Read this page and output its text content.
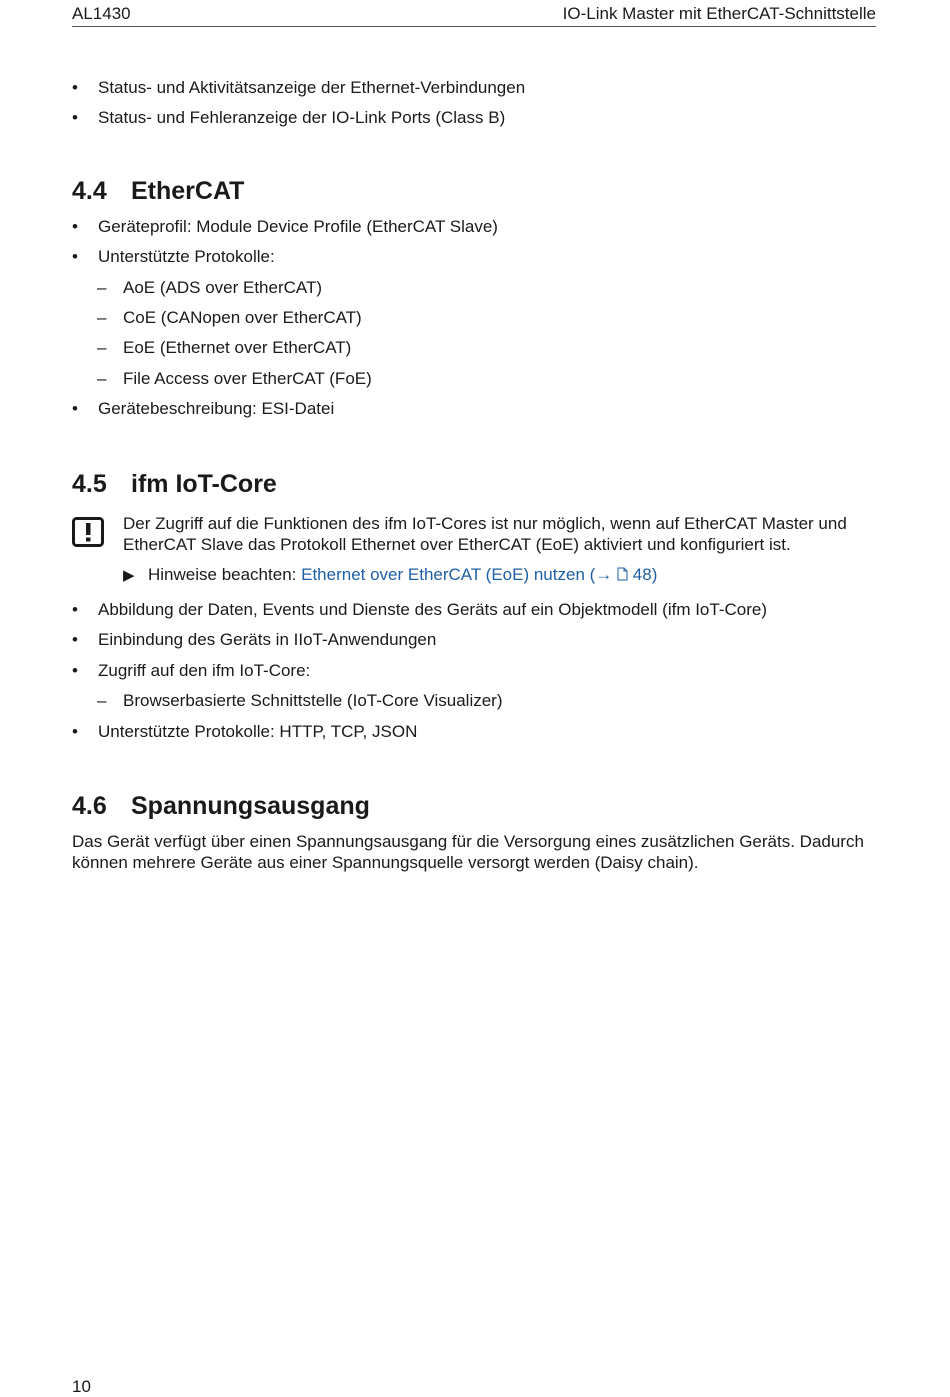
AL1430	IO-Link Master mit EtherCAT-Schnittstelle
• Status- und Aktivitätsanzeige der Ethernet-Verbindungen
• Status- und Fehleranzeige der IO-Link Ports (Class B)
4.4 EtherCAT
• Geräteprofil: Module Device Profile (EtherCAT Slave)
• Unterstützte Protokolle:
– AoE (ADS over EtherCAT)
– CoE (CANopen over EtherCAT)
– EoE (Ethernet over EtherCAT)
– File Access over EtherCAT (FoE)
• Gerätebeschreibung: ESI-Datei
4.5 ifm IoT-Core
Der Zugriff auf die Funktionen des ifm IoT-Cores ist nur möglich, wenn auf EtherCAT Master und EtherCAT Slave das Protokoll Ethernet over EtherCAT (EoE) aktiviert und konfiguriert ist.
▶ Hinweise beachten: Ethernet over EtherCAT (EoE) nutzen (→ 48)
• Abbildung der Daten, Events und Dienste des Geräts auf ein Objektmodell (ifm IoT-Core)
• Einbindung des Geräts in IIoT-Anwendungen
• Zugriff auf den ifm IoT-Core:
– Browserbasierte Schnittstelle (IoT-Core Visualizer)
• Unterstützte Protokolle: HTTP, TCP, JSON
4.6 Spannungsausgang
Das Gerät verfügt über einen Spannungsausgang für die Versorgung eines zusätzlichen Geräts. Dadurch können mehrere Geräte aus einer Spannungsquelle versorgt werden (Daisy chain).
10
